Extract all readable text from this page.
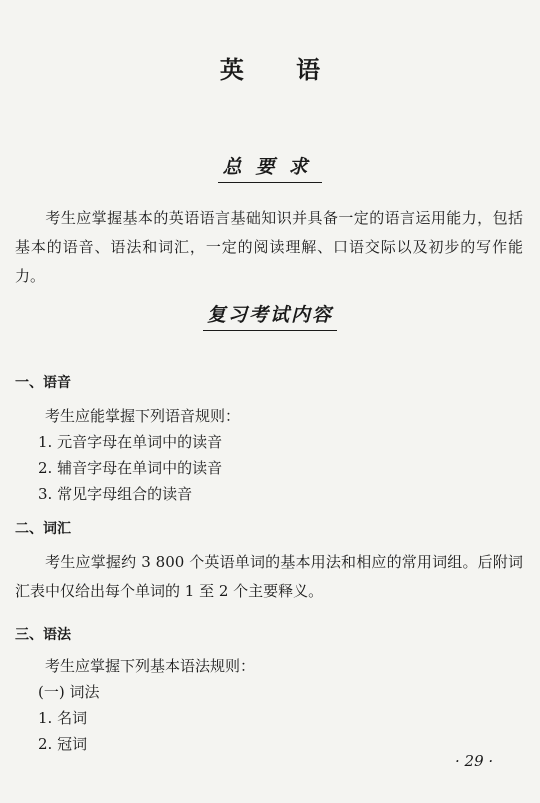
英 语
总要求
考生应掌握基本的英语语言基础知识并具备一定的语言运用能力，包括基本的语音、语法和词汇，一定的阅读理解、口语交际以及初步的写作能力。
复习考试内容
一、语音
考生应能掌握下列语音规则：
1. 元音字母在单词中的读音
2. 辅音字母在单词中的读音
3. 常见字母组合的读音
二、词汇
考生应掌握约 3 800 个英语单词的基本用法和相应的常用词组。后附词汇表中仅给出每个单词的 1 至 2 个主要释义。
三、语法
考生应掌握下列基本语法规则：
(一) 词法
1. 名词
2. 冠词
· 29 ·
